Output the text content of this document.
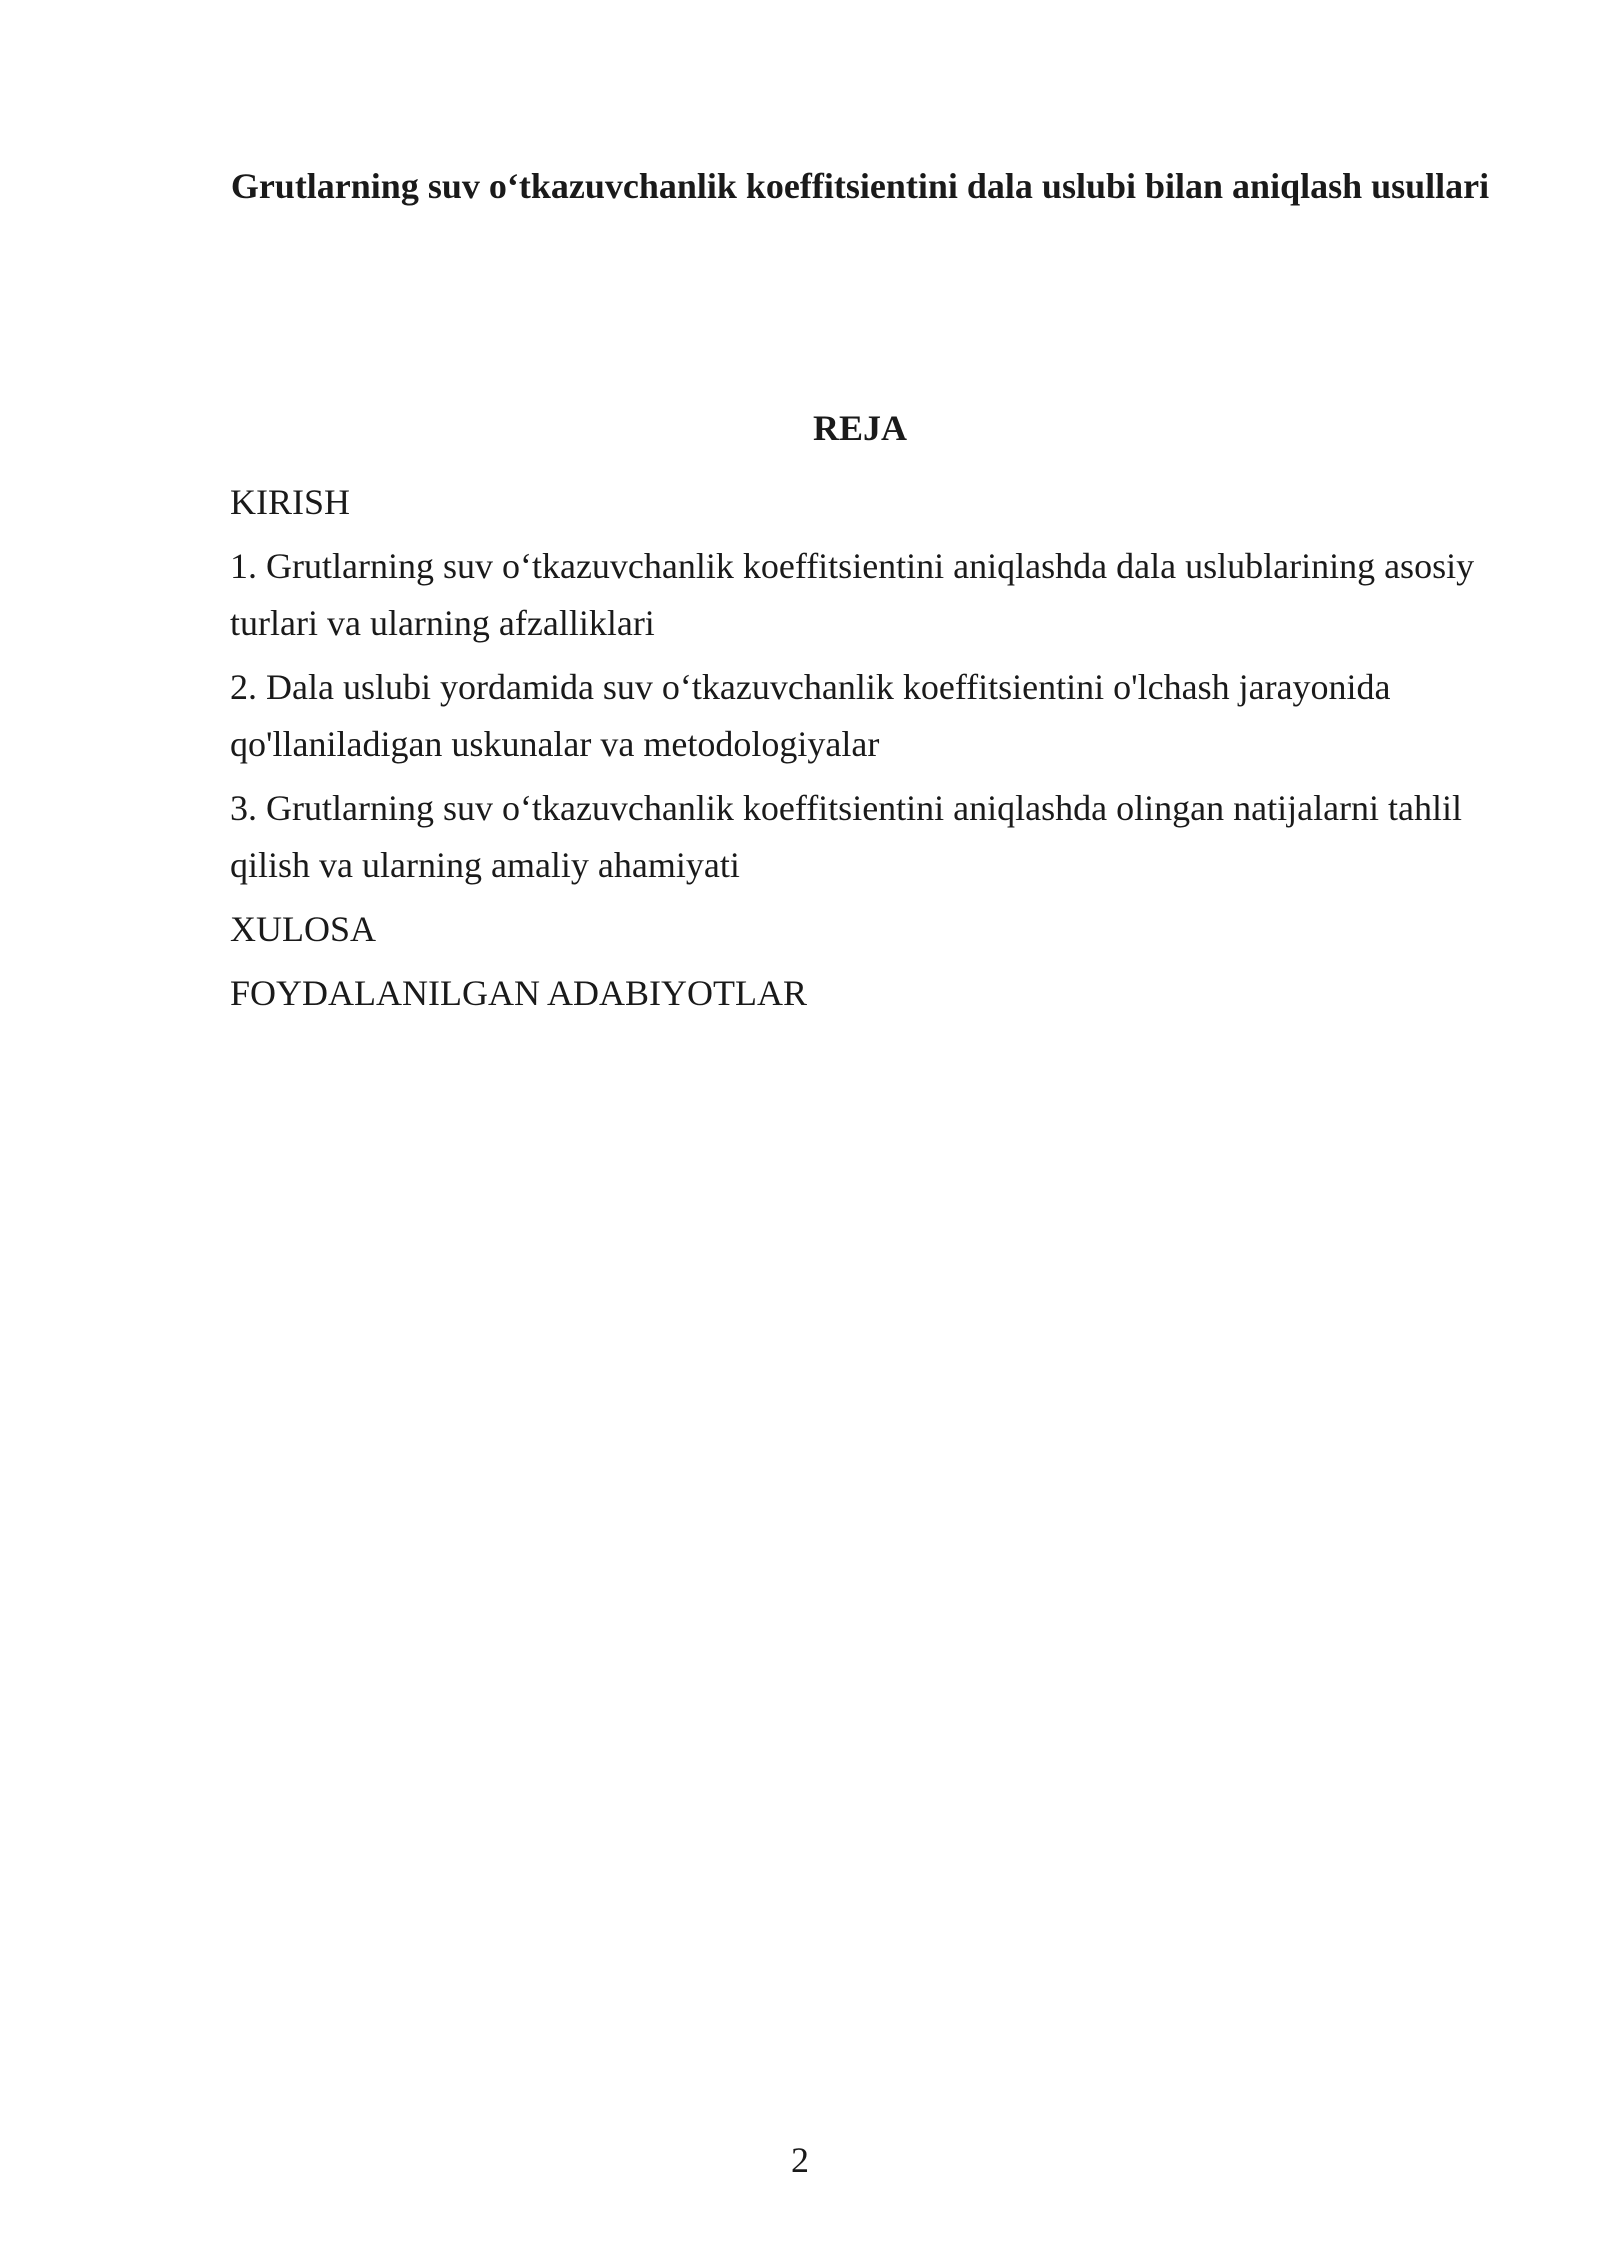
Grutlarning suv o‘tkazuvchanlik koeffitsientini dala uslubi bilan aniqlash usullari
REJA
KIRISH
1. Grutlarning suv o‘tkazuvchanlik koeffitsientini aniqlashda dala uslublarining asosiy turlari va ularning afzalliklari
2. Dala uslubi yordamida suv o‘tkazuvchanlik koeffitsientini o'lchash jarayonida qo'llaniladigan uskunalar va metodologiyalar
3. Grutlarning suv o‘tkazuvchanlik koeffitsientini aniqlashda olingan natijalarni tahlil qilish va ularning amaliy ahamiyati
XULOSA
FOYDALANILGAN ADABIYOTLAR
2
